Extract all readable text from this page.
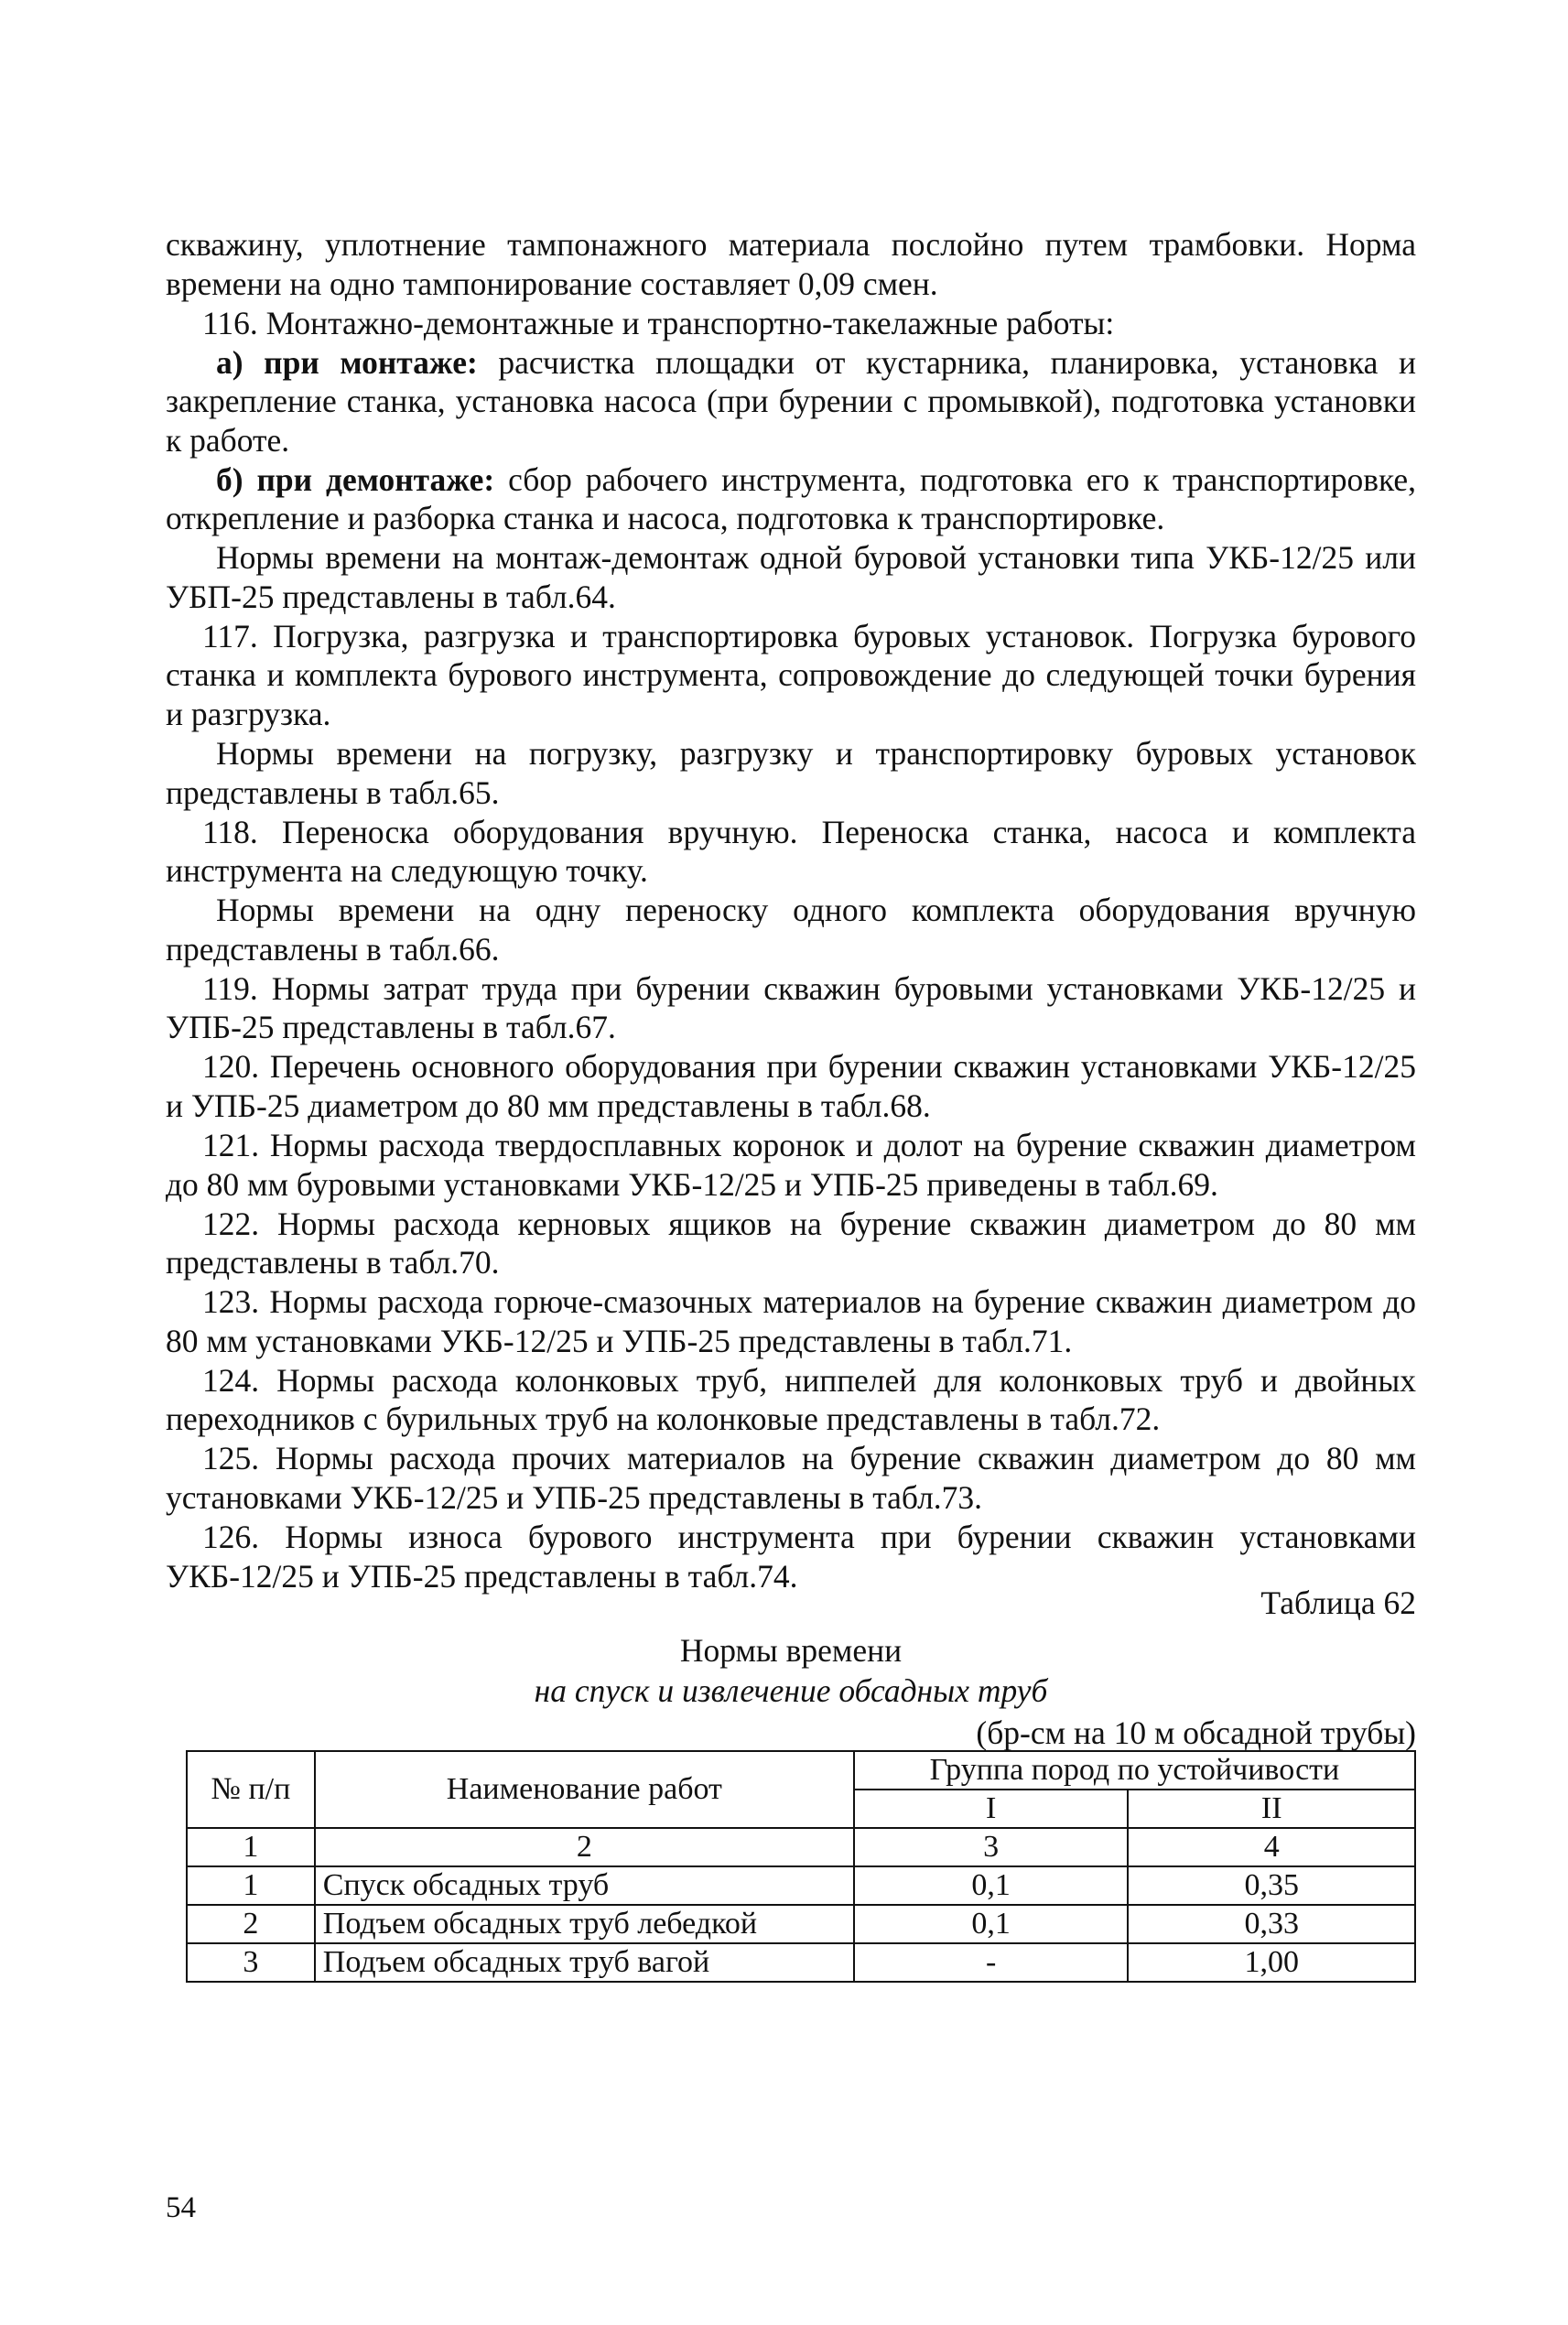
скважину, уплотнение тампонажного материала послойно путем трамбовки. Норма времени на одно тампонирование составляет 0,09 смен.

116. Монтажно-демонтажные и транспортно-такелажные работы:

а) при монтаже: расчистка площадки от кустарника, планировка, установка и закрепление станка, установка насоса (при бурении с промывкой), подготовка установки к работе.

б) при демонтаже: сбор рабочего инструмента, подготовка его к транспортировке, открепление и разборка станка и насоса, подготовка к транспортировке.

Нормы времени на монтаж-демонтаж одной буровой установки типа УКБ-12/25 или УБП-25 представлены в табл.64.

117. Погрузка, разгрузка и транспортировка буровых установок. Погрузка бурового станка и комплекта бурового инструмента, сопровождение до следующей точки бурения и разгрузка.

Нормы времени на погрузку, разгрузку и транспортировку буровых установок представлены в табл.65.

118. Переноска оборудования вручную. Переноска станка, насоса и комплекта инструмента на следующую точку.

Нормы времени на одну переноску одного комплекта оборудования вручную представлены в табл.66.

119. Нормы затрат труда при бурении скважин буровыми установками УКБ-12/25 и УПБ-25 представлены в табл.67.

120. Перечень основного оборудования при бурении скважин установками УКБ-12/25 и УПБ-25 диаметром до 80 мм представлены в табл.68.

121. Нормы расхода твердосплавных коронок и долот на бурение скважин диаметром до 80 мм буровыми установками УКБ-12/25 и УПБ-25 приведены в табл.69.

122. Нормы расхода керновых ящиков на бурение скважин диаметром до 80 мм представлены в табл.70.

123. Нормы расхода горюче-смазочных материалов на бурение скважин диаметром до 80 мм установками УКБ-12/25 и УПБ-25 представлены в табл.71.

124. Нормы расхода колонковых труб, ниппелей для колонковых труб и двойных переходников с бурильных труб на колонковые представлены в табл.72.

125. Нормы расхода прочих материалов на бурение скважин диаметром до 80 мм установками УКБ-12/25 и УПБ-25 представлены в табл.73.

126. Нормы износа бурового инструмента при бурении скважин установками УКБ-12/25 и УПБ-25 представлены в табл.74.

Таблица 62
Нормы времени
на спуск и извлечение обсадных труб
(бр-см на 10 м обсадной трубы)
№ п/п	Наименование работ	Группа пород по устойчивости	
		I	II
1	2	3	4
1	Спуск обсадных труб	0,1	0,35
2	Подъем обсадных труб лебедкой	0,1	0,33
3	Подъем обсадных труб вагой	-	1,00
54
